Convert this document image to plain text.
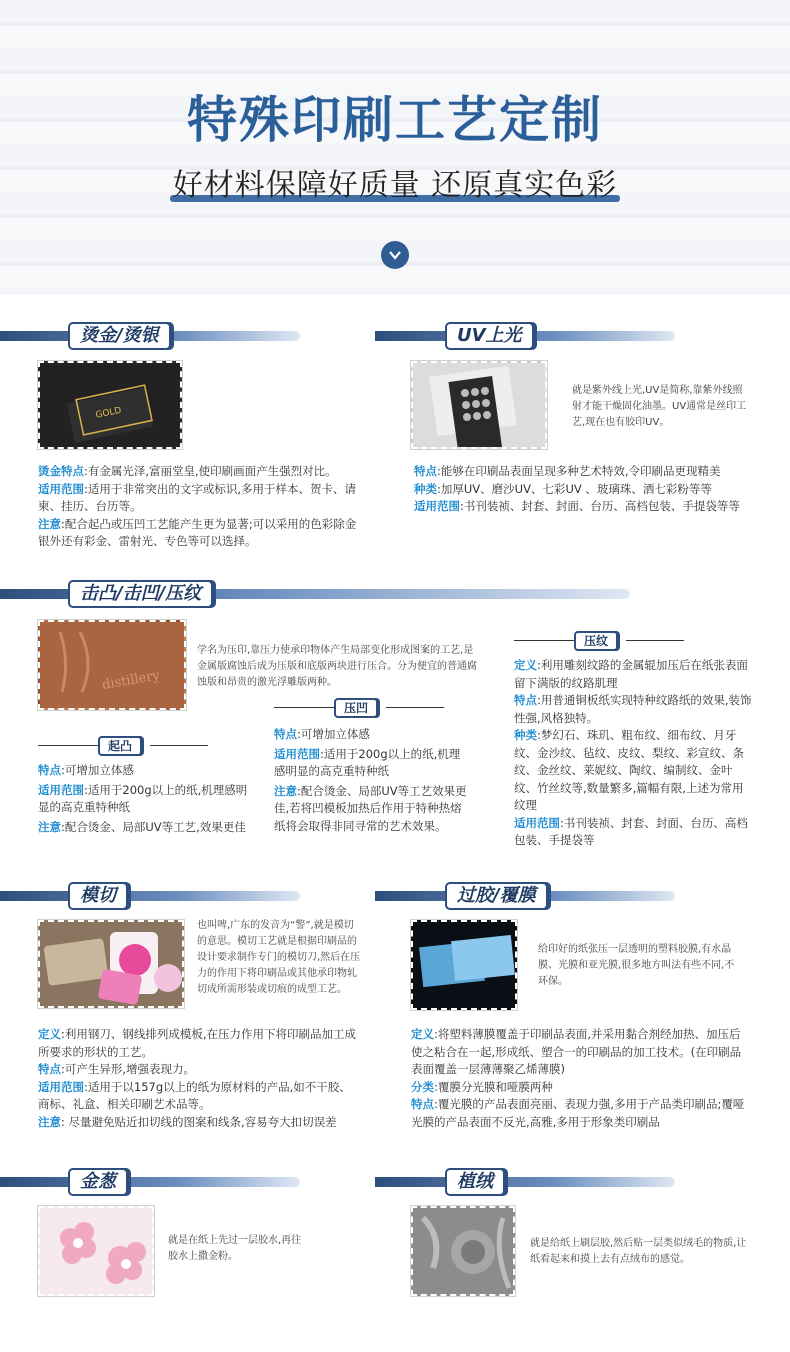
特殊印刷工艺定制
好材料保障好质量 还原真实色彩
烫金/烫银
GOLD
烫金特点:有金属光泽,富丽堂皇,使印刷画面产生强烈对比。
适用范围:适用于非常突出的文字或标识,多用于样本、贺卡、请柬、挂历、台历等。
注意:配合起凸或压凹工艺能产生更为显著;可以采用的色彩除金银外还有彩金、雷射光、专色等可以选择。
UV上光
就是紫外线上光,UV是简称,靠紫外线照射才能干燥固化油墨。UV通常是丝印工艺,现在也有胶印UV。
特点:能够在印刷品表面呈现多种艺术特效,令印刷品更现精美
种类:加厚UV、磨沙UV、七彩UV 、玻璃珠、洒七彩粉等等
适用范围:书刊装祯、封套、封面、台历、高档包装、手提袋等等
击凸/击凹/压纹
distillery
学名为压印,靠压力使承印物体产生局部变化形成图案的工艺,是金属版腐蚀后成为压版和底版两块进行压合。分为便宜的普通腐蚀版和昂贵的激光浮雕版两种。
起凸
特点:可增加立体感
适用范围:适用于200g以上的纸,机理感明显的高克重特种纸
注意:配合烫金、局部UV等工艺,效果更佳
压凹
特点:可增加立体感
适用范围:适用于200g以上的纸,机理感明显的高克重特种纸
注意:配合烫金、局部UV等工艺效果更佳,若将凹模板加热后作用于特种热熔纸将会取得非同寻常的艺术效果。
压纹
定义:利用雕刻纹路的金属辊加压后在纸张表面留下满版的纹路肌理
特点:用普通铜板纸实现特种纹路纸的效果,装饰性强,风格独特。
种类:梦幻石、珠玑、粗布纹、细布纹、月牙纹、金沙纹、毡纹、皮纹、梨纹、彩宣纹、条纹、金丝纹、莱妮纹、陶纹、编制纹、金叶纹、竹丝纹等,数量繁多,篇幅有限,上述为常用纹理
适用范围:书刊装祯、封套、封面、台历、高档包装、手提袋等
模切
也叫啤,广东的发音为“警”,就是模切的意思。模切工艺就是根据印刷品的设计要求制作专门的模切刀,然后在压力的作用下将印刷品或其他承印物轧切成所需形装或切痕的成型工艺。
定义:利用钢刀、钢线排列成模板,在压力作用下将印刷品加工成所要求的形状的工艺。
特点:可产生异形,增强表现力。
适用范围:适用于以157g以上的纸为原材料的产品,如不干胶、商标、礼盒、相关印刷艺术品等。
注意: 尽量避免贴近扣切线的图案和线条,容易夸大扣切误差
过胶/覆膜
给印好的纸张压一层透明的塑料胶膜,有水晶膜、光膜和亚光膜,很多地方叫法有些不同,不环保。
定义:将塑料薄膜覆盖于印刷品表面,并采用黏合剂经加热、加压后使之粘合在一起,形成纸、塑合一的印刷品的加工技术。(在印刷品表面覆盖一层薄薄聚乙烯薄膜)
分类:覆膜分光膜和哑膜两种
特点:覆光膜的产品表面亮丽、表现力强,多用于产品类印刷品;覆哑光膜的产品表面不反光,高雅,多用于形象类印刷品
金葱
就是在纸上先过一层胶水,再往胶水上撒金粉。
植绒
就是给纸上刷层胶,然后贴一层类似绒毛的物质,让纸看起来和摸上去有点绒布的感觉。
